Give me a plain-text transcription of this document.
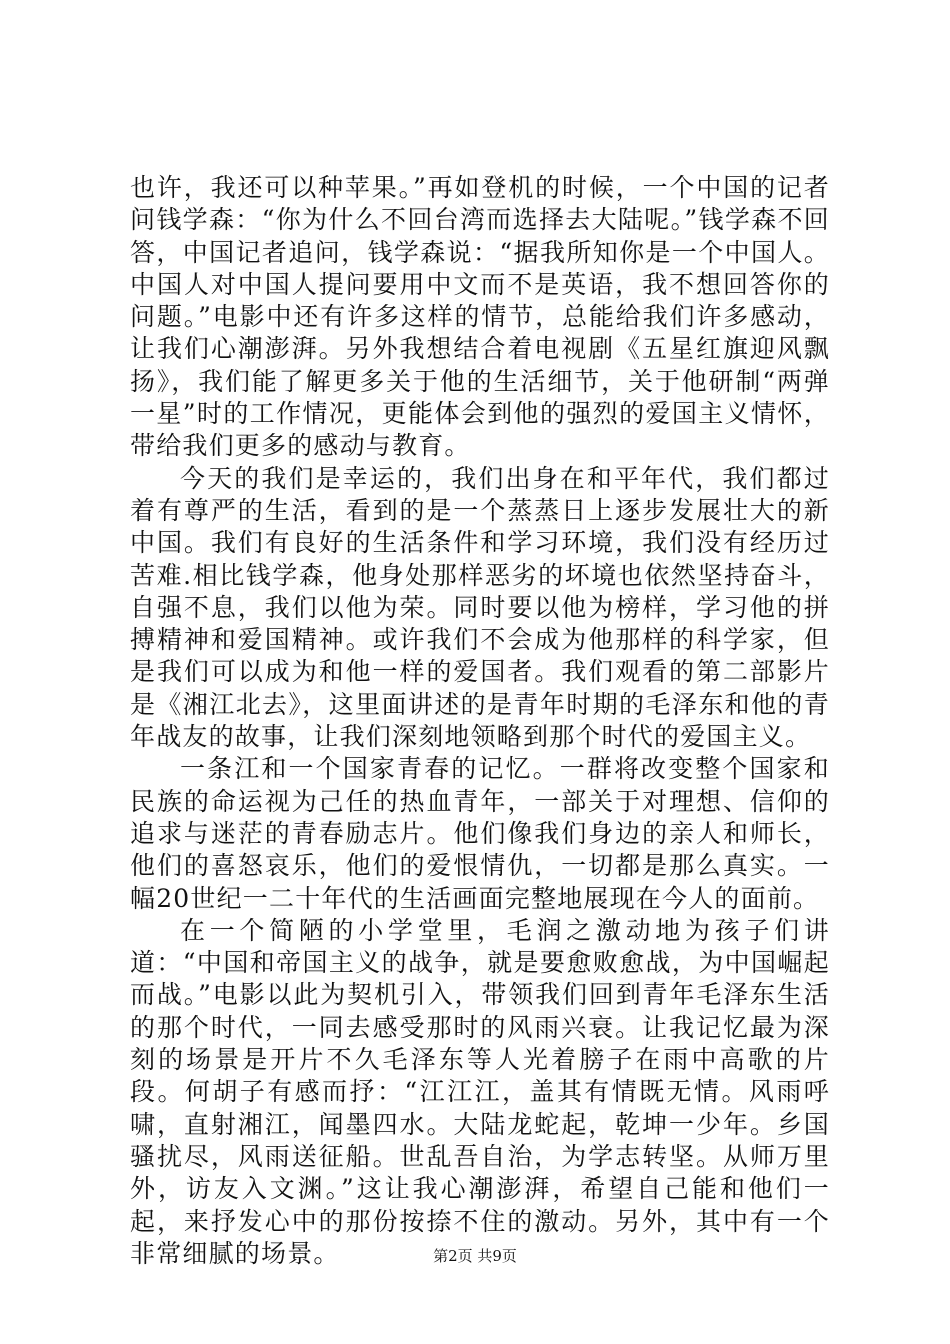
也许，我还可以种苹果。”再如登机的时候，一个中国的记者问钱学森：“你为什么不回台湾而选择去大陆呢。”钱学森不回答，中国记者追问，钱学森说：“据我所知你是一个中国人。中国人对中国人提问要用中文而不是英语，我不想回答你的问题。”电影中还有许多这样的情节，总能给我们许多感动，让我们心潮澎湃。另外我想结合着电视剧《五星红旗迎风飘扬》，我们能了解更多关于他的生活细节，关于他研制“两弹一星”时的工作情况，更能体会到他的强烈的爱国主义情怀，带给我们更多的感动与教育。

今天的我们是幸运的，我们出身在和平年代，我们都过着有尊严的生活，看到的是一个蒸蒸日上逐步发展壮大的新中国。我们有良好的生活条件和学习环境，我们没有经历过苦难.相比钱学森，他身处那样恶劣的坏境也依然坚持奋斗，自强不息，我们以他为荣。同时要以他为榜样，学习他的拼搏精神和爱国精神。或许我们不会成为他那样的科学家，但是我们可以成为和他一样的爱国者。我们观看的第二部影片是《湘江北去》，这里面讲述的是青年时期的毛泽东和他的青年战友的故事，让我们深刻地领略到那个时代的爱国主义。

一条江和一个国家青春的记忆。一群将改变整个国家和民族的命运视为己任的热血青年，一部关于对理想、信仰的追求与迷茫的青春励志片。他们像我们身边的亲人和师长，他们的喜怒哀乐，他们的爱恨情仇，一切都是那么真实。一幅20世纪一二十年代的生活画面完整地展现在今人的面前。

在一个简陋的小学堂里，毛润之激动地为孩子们讲道：“中国和帝国主义的战争，就是要愈败愈战，为中国崛起而战。”电影以此为契机引入，带领我们回到青年毛泽东生活的那个时代，一同去感受那时的风雨兴衰。让我记忆最为深刻的场景是开片不久毛泽东等人光着膀子在雨中高歌的片段。何胡子有感而抒：“江江江，盖其有情既无情。风雨呼啸，直射湘江，闻墨四水。大陆龙蛇起，乾坤一少年。乡国骚扰尽，风雨送征船。世乱吾自治，为学志转坚。从师万里外，访友入文渊。”这让我心潮澎湃，希望自己能和他们一起，来抒发心中的那份按捺不住的激动。另外，其中有一个非常细腻的场景。	第2页 共9页
